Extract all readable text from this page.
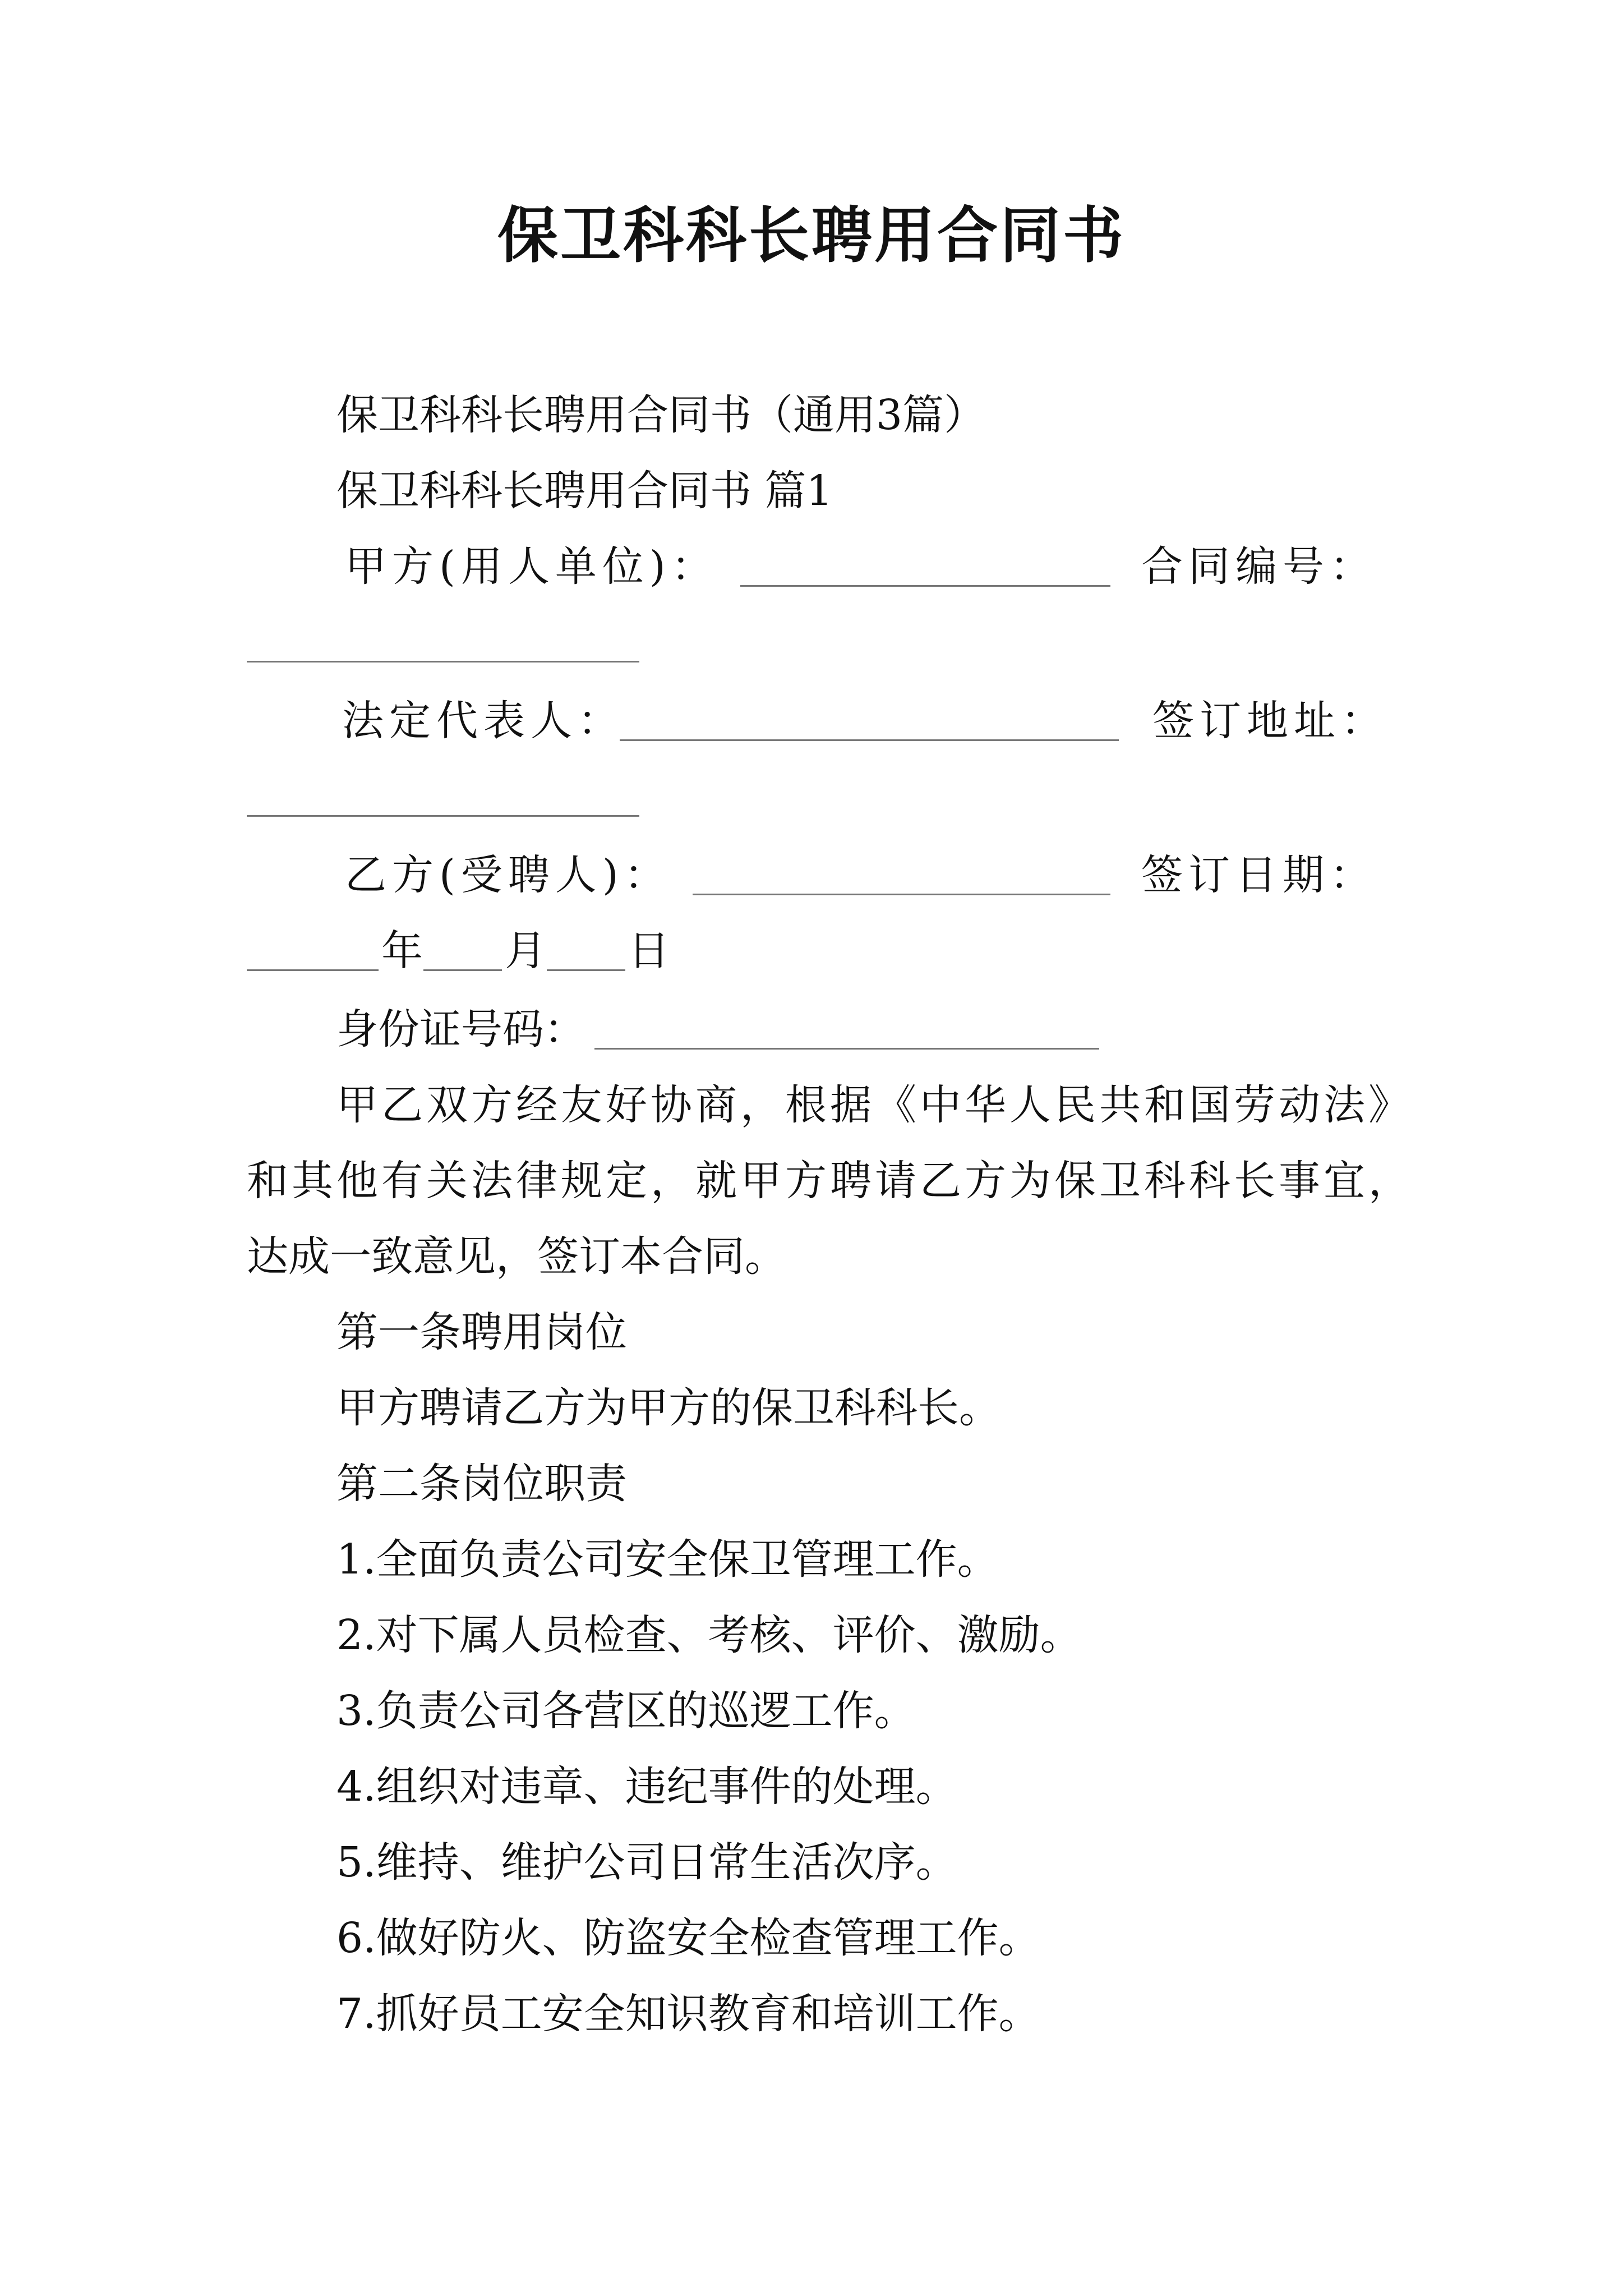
保卫科科长聘用合同书
保卫科科长聘用合同书（通用3篇）
保卫科科长聘用合同书 篇1
甲方(用人单位)：	合同编号：
法定代表人：	签订地址：
乙方(受聘人)：	签订日期：
年 月 日
身份证号码：
甲乙双方经友好协商，根据《中华人民共和国劳动法》
和其他有关法律规定，就甲方聘请乙方为保卫科科长事宜，
达成一致意见，签订本合同。
第一条聘用岗位
甲方聘请乙方为甲方的保卫科科长。
第二条岗位职责
1.全面负责公司安全保卫管理工作。
2.对下属人员检查、考核、评价、激励。
3.负责公司各营区的巡逻工作。
4.组织对违章、违纪事件的处理。
5.维持、维护公司日常生活次序。
6.做好防火、防盗安全检查管理工作。
7.抓好员工安全知识教育和培训工作。
